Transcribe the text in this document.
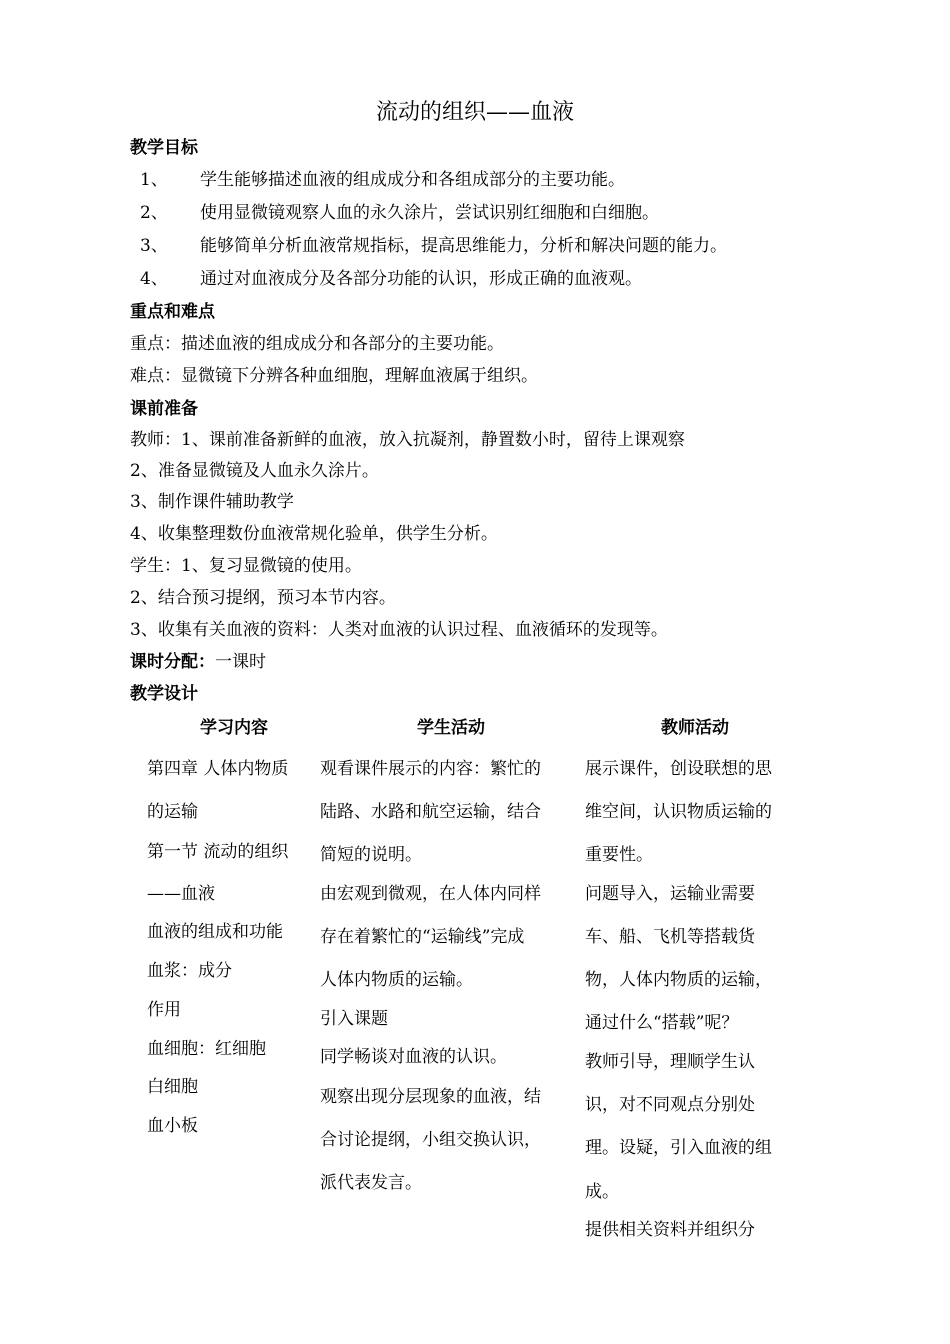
流动的组织——血液
教学目标
1、 学生能够描述血液的组成成分和各组成部分的主要功能。
2、 使用显微镜观察人血的永久涂片，尝试识别红细胞和白细胞。
3、 能够简单分析血液常规指标，提高思维能力，分析和解决问题的能力。
4、 通过对血液成分及各部分功能的认识，形成正确的血液观。
重点和难点
重点：描述血液的组成成分和各部分的主要功能。
难点：显微镜下分辨各种血细胞，理解血液属于组织。
课前准备
教师：1、课前准备新鲜的血液，放入抗凝剂，静置数小时，留待上课观察
2、准备显微镜及人血永久涂片。
3、制作课件辅助教学
4、收集整理数份血液常规化验单，供学生分析。
学生：1、复习显微镜的使用。
2、结合预习提纲，预习本节内容。
3、收集有关血液的资料：人类对血液的认识过程、血液循环的发现等。
课时分配：一课时
教学设计
学习内容	学生活动	教师活动
第四章 人体内物质
的运输
第一节 流动的组织
——血液
血液的组成和功能
血浆：成分
作用
血细胞：红细胞
白细胞
血小板
观看课件展示的内容：繁忙的
陆路、水路和航空运输，结合
简短的说明。
由宏观到微观，在人体内同样
存在着繁忙的“运输线”完成
人体内物质的运输。
引入课题
同学畅谈对血液的认识。
观察出现分层现象的血液，结
合讨论提纲，小组交换认识，
派代表发言。
展示课件，创设联想的思
维空间，认识物质运输的
重要性。
问题导入，运输业需要
车、船、飞机等搭载货
物，人体内物质的运输，
通过什么“搭载”呢？
教师引导，理顺学生认
识，对不同观点分别处
理。设疑，引入血液的组
成。
提供相关资料并组织分
